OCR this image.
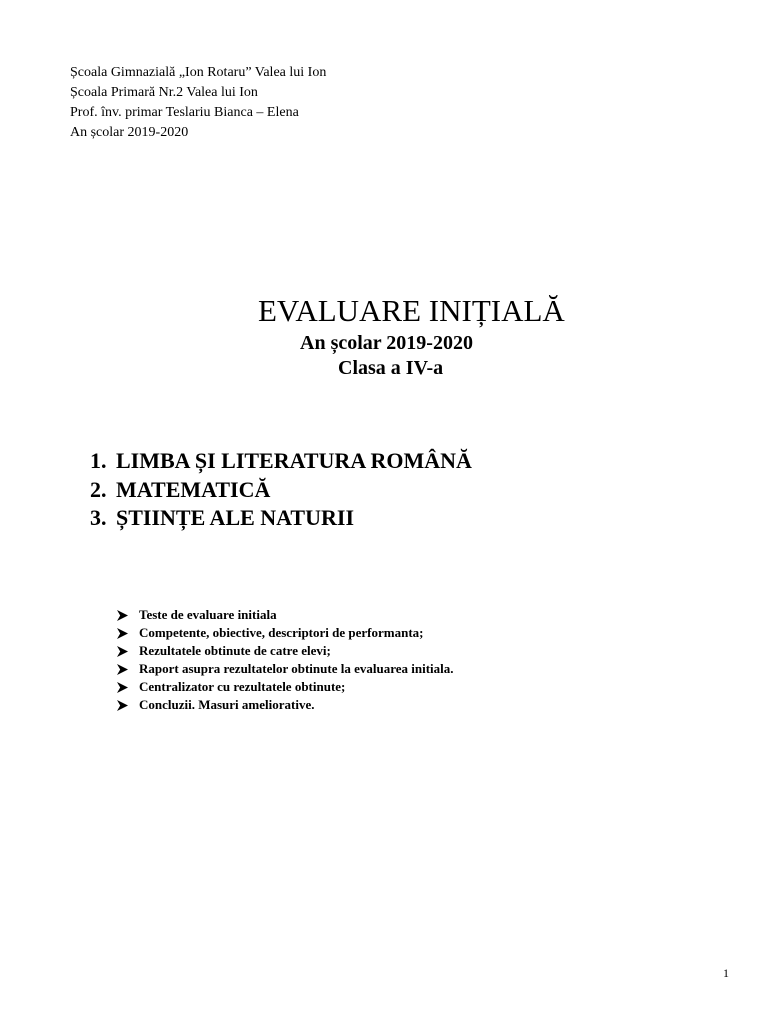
Școala Gimnazială „Ion Rotaru” Valea lui Ion
Școala Primară Nr.2 Valea lui Ion
Prof. înv. primar Teslariu Bianca – Elena
An școlar 2019-2020
EVALUARE INIȚIALĂ
An școlar 2019-2020
Clasa a IV-a
1. LIMBA ȘI LITERATURA ROMÂNĂ
2. MATEMATICĂ
3. ȘTIINȚE ALE NATURII
Teste de evaluare initiala
Competente, obiective, descriptori de performanta;
Rezultatele obtinute de catre elevi;
Raport asupra rezultatelor obtinute la evaluarea initiala.
Centralizator cu rezultatele obtinute;
Concluzii. Masuri ameliorative.
1
